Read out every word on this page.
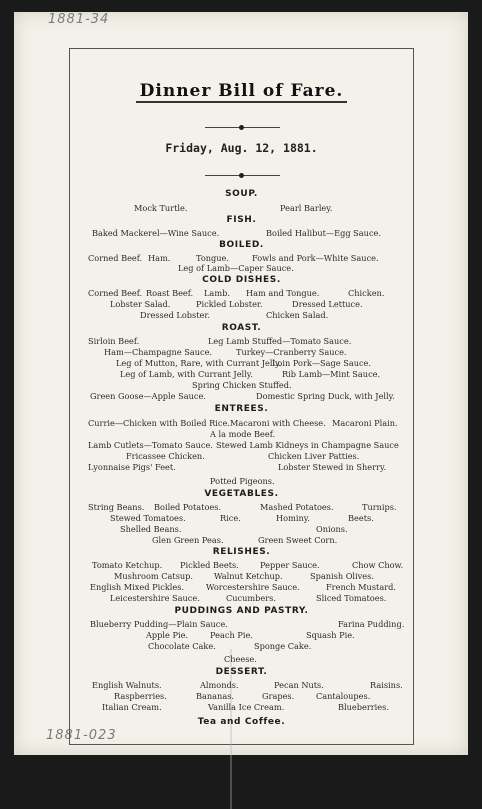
1881-34
1881-023
Dinner Bill of Fare.
Friday, Aug. 12, 1881.
SOUP.
Mock Turtle.	Pearl Barley.
FISH.
Baked Mackerel—Wine Sauce.	Boiled Halibut—Egg Sauce.
BOILED.
Corned Beef. Ham.	Tongue.	Fowls and Pork—White Sauce.
Leg of Lamb—Caper Sauce.
COLD DISHES.
Corned Beef. Roast Beef. Lamb. Ham and Tongue.	Chicken.
Lobster Salad.	Pickled Lobster.	Dressed Lettuce.
Dressed Lobster.	Chicken Salad.
ROAST.
Sirloin Beef.	Leg Lamb Stuffed—Tomato Sauce.
Ham—Champagne Sauce.	Turkey—Cranberry Sauce.
Leg of Mutton, Rare, with Currant Jelly.
Loin Pork—Sage Sauce.
Leg of Lamb, with Currant Jelly.	Rib Lamb—Mint Sauce.
Spring Chicken Stuffed.
Green Goose—Apple Sauce.	Domestic Spring Duck, with Jelly.
ENTREES.
Currie—Chicken with Boiled Rice. Macaroni with Cheese. Macaroni Plain.
A la mode Beef.
Lamb Cutlets—Tomato Sauce. Stewed Lamb Kidneys in Champagne Sauce
Fricassee Chicken.	Chicken Liver Patties.
Lyonnaise Pigs' Feet.	Lobster Stewed in Sherry.
Potted Pigeons.
VEGETABLES.
String Beans. Boiled Potatoes.	Mashed Potatoes.	Turnips.
Stewed Tomatoes.	Rice.	Hominy.	Beets.
Shelled Beans.	Onions.
Glen Green Peas.	Green Sweet Corn.
RELISHES.
Tomato Ketchup. Pickled Beets.	Pepper Sauce.	Chow Chow.
Mushroom Catsup.	Walnut Ketchup.	Spanish Olives.
English Mixed Pickles.	Worcestershire Sauce.	French Mustard.
Leicestershire Sauce.	Cucumbers.	Sliced Tomatoes.
PUDDINGS AND PASTRY.
Blueberry Pudding—Plain Sauce.	Farina Pudding.
Apple Pie.	Peach Pie.	Squash Pie.
Chocolate Cake.	Sponge Cake.
Cheese.
DESSERT.
English Walnuts.	Almonds.	Pecan Nuts.	Raisins.
Raspberries.	Bananas.	Grapes.	Cantaloupes.
Italian Cream.	Vanilla Ice Cream.	Blueberries.
Tea and Coffee.
